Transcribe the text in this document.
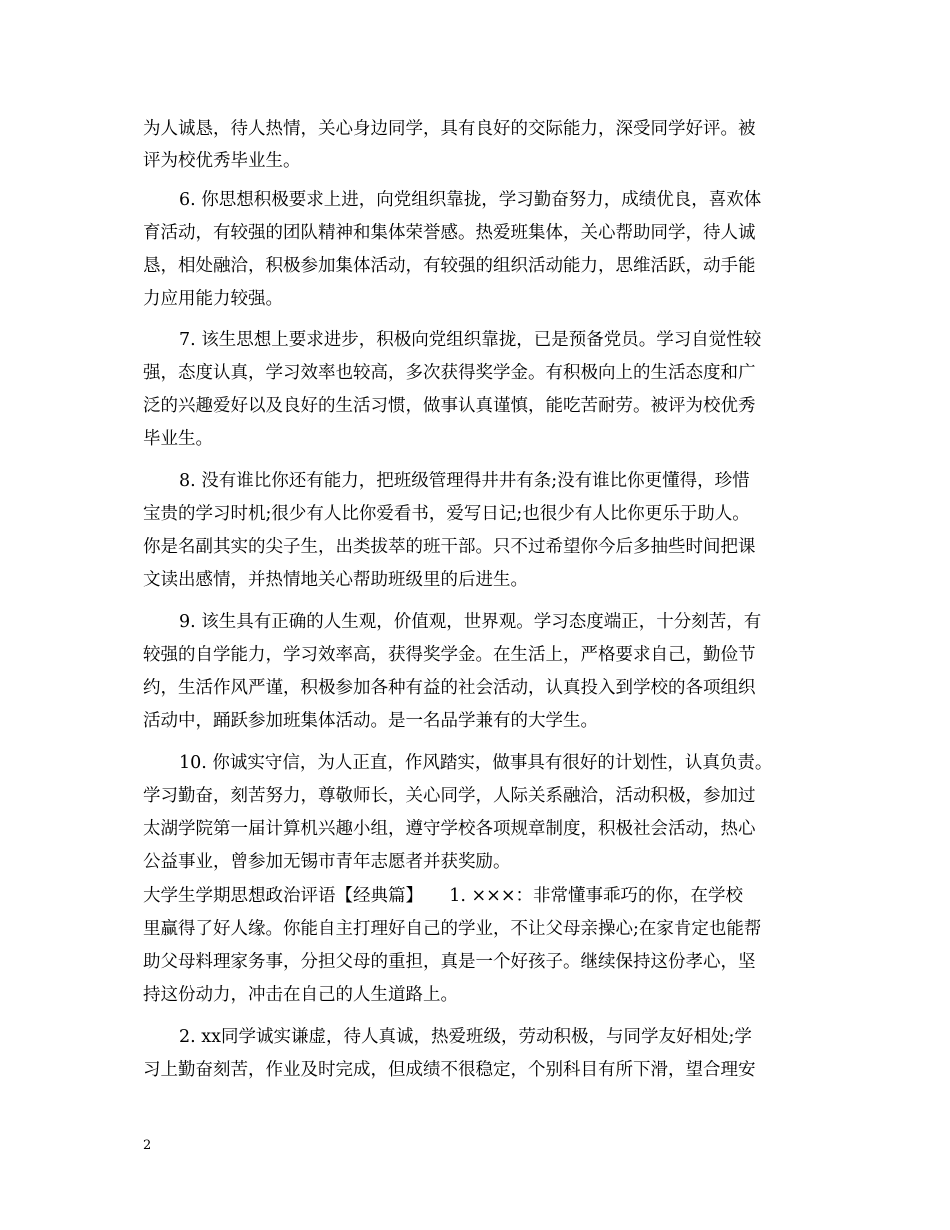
为人诚恳，待人热情，关心身边同学，具有良好的交际能力，深受同学好评。被
评为校优秀毕业生。
6. 你思想积极要求上进，向党组织靠拢，学习勤奋努力，成绩优良，喜欢体
育活动，有较强的团队精神和集体荣誉感。热爱班集体，关心帮助同学，待人诚
恳，相处融洽，积极参加集体活动，有较强的组织活动能力，思维活跃，动手能
力应用能力较强。
7. 该生思想上要求进步，积极向党组织靠拢，已是预备党员。学习自觉性较
强，态度认真，学习效率也较高，多次获得奖学金。有积极向上的生活态度和广
泛的兴趣爱好以及良好的生活习惯，做事认真谨慎，能吃苦耐劳。被评为校优秀
毕业生。
8. 没有谁比你还有能力，把班级管理得井井有条;没有谁比你更懂得，珍惜
宝贵的学习时机;很少有人比你爱看书，爱写日记;也很少有人比你更乐于助人。
你是名副其实的尖子生，出类拔萃的班干部。只不过希望你今后多抽些时间把课
文读出感情，并热情地关心帮助班级里的后进生。
9. 该生具有正确的人生观，价值观，世界观。学习态度端正，十分刻苦，有
较强的自学能力，学习效率高，获得奖学金。在生活上，严格要求自己，勤俭节
约，生活作风严谨，积极参加各种有益的社会活动，认真投入到学校的各项组织
活动中，踊跃参加班集体活动。是一名品学兼有的大学生。
10. 你诚实守信，为人正直，作风踏实，做事具有很好的计划性，认真负责。
学习勤奋，刻苦努力，尊敬师长，关心同学，人际关系融洽，活动积极，参加过
太湖学院第一届计算机兴趣小组，遵守学校各项规章制度，积极社会活动，热心
公益事业，曾参加无锡市青年志愿者并获奖励。
大学生学期思想政治评语【经典篇】　　1. ×××：非常懂事乖巧的你，在学校
里赢得了好人缘。你能自主打理好自己的学业，不让父母亲操心;在家肯定也能帮
助父母料理家务事，分担父母的重担，真是一个好孩子。继续保持这份孝心，坚
持这份动力，冲击在自己的人生道路上。
2. xx同学诚实谦虚，待人真诚，热爱班级，劳动积极，与同学友好相处;学
习上勤奋刻苦，作业及时完成，但成绩不很稳定，个别科目有所下滑，望合理安
2
